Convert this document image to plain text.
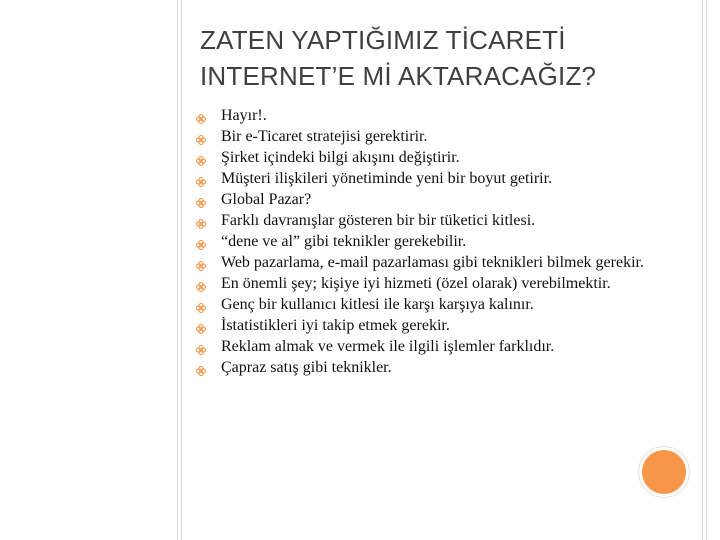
ZATEN YAPTIĞIMIZ TİCARETİ
INTERNET’E Mİ AKTARACAĞIZ?
Hayır!.
Bir e-Ticaret stratejisi gerektirir.
Şirket içindeki bilgi akışını değiştirir.
Müşteri ilişkileri yönetiminde yeni bir boyut getirir.
Global Pazar?
Farklı davranışlar gösteren bir bir tüketici kitlesi.
“dene ve al” gibi teknikler gerekebilir.
Web pazarlama, e-mail pazarlaması gibi teknikleri bilmek gerekir.
En önemli şey; kişiye iyi hizmeti (özel olarak) verebilmektir.
Genç bir kullanıcı kitlesi ile karşı karşıya kalınır.
İstatistikleri iyi takip etmek gerekir.
Reklam almak ve vermek ile ilgili işlemler farklıdır.
Çapraz satış gibi teknikler.
